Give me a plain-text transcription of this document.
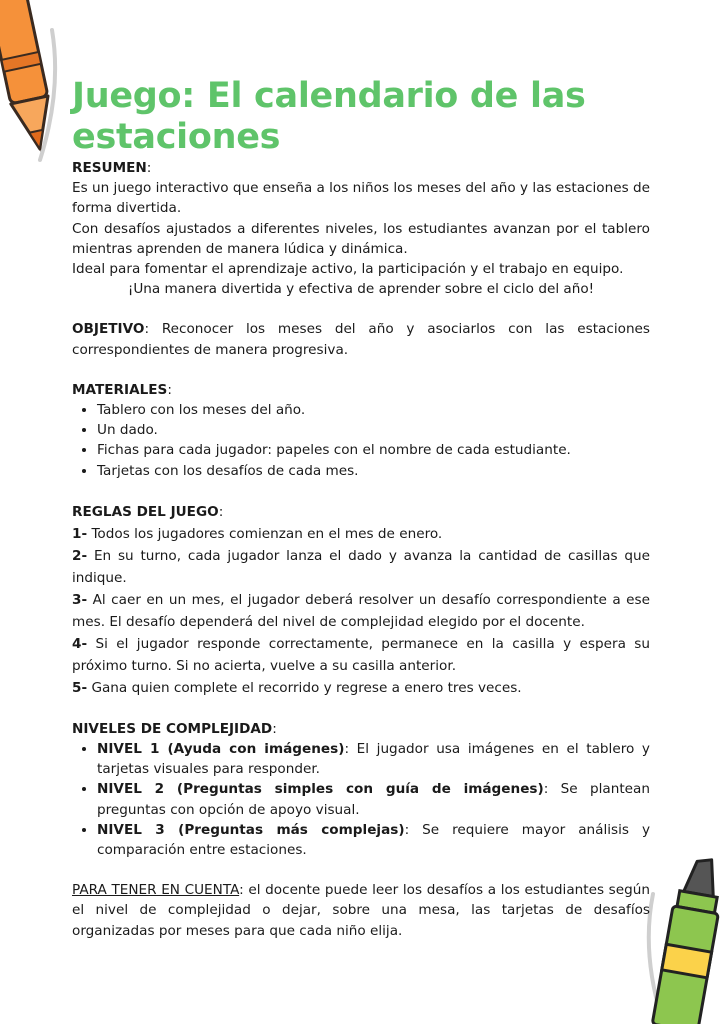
Juego: El calendario de las estaciones

RESUMEN:

Es un juego interactivo que enseña a los niños los meses del año y las estaciones de forma divertida.

Con desafíos ajustados a diferentes niveles, los estudiantes avanzan por el tablero mientras aprenden de manera lúdica y dinámica.

Ideal para fomentar el aprendizaje activo, la participación y el trabajo en equipo.

¡Una manera divertida y efectiva de aprender sobre el ciclo del año!

OBJETIVO: Reconocer los meses del año y asociarlos con las estaciones correspondientes de manera progresiva.

MATERIALES:

• Tablero con los meses del año.
• Un dado.
• Fichas para cada jugador: papeles con el nombre de cada estudiante.
• Tarjetas con los desafíos de cada mes.

REGLAS DEL JUEGO:

1- Todos los jugadores comienzan en el mes de enero.

2- En su turno, cada jugador lanza el dado y avanza la cantidad de casillas que indique.

3- Al caer en un mes, el jugador deberá resolver un desafío correspondiente a ese mes. El desafío dependerá del nivel de complejidad elegido por el docente.

4- Si el jugador responde correctamente, permanece en la casilla y espera su próximo turno. Si no acierta, vuelve a su casilla anterior.

5- Gana quien complete el recorrido y regrese a enero tres veces.

NIVELES DE COMPLEJIDAD:

• NIVEL 1 (Ayuda con imágenes): El jugador usa imágenes en el tablero y tarjetas visuales para responder.
• NIVEL 2 (Preguntas simples con guía de imágenes): Se plantean preguntas con opción de apoyo visual.
• NIVEL 3 (Preguntas más complejas): Se requiere mayor análisis y comparación entre estaciones.

PARA TENER EN CUENTA: el docente puede leer los desafíos a los estudiantes según el nivel de complejidad o dejar, sobre una mesa, las tarjetas de desafíos organizadas por meses para que cada niño elija.
